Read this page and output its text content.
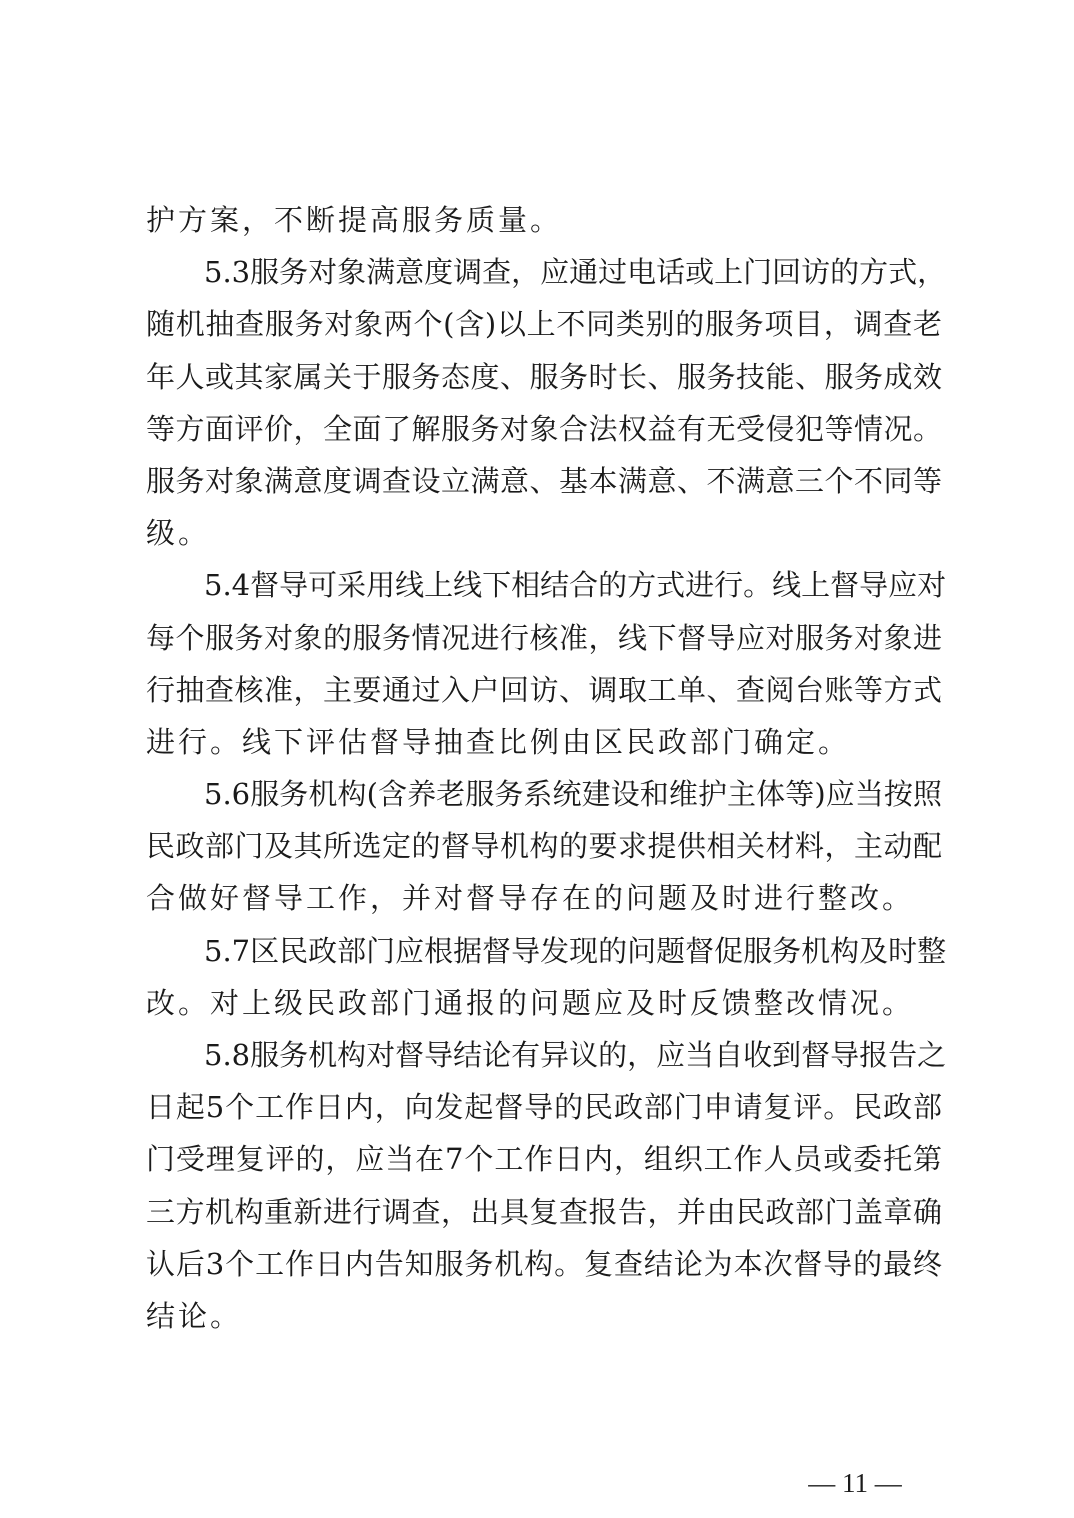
护方案，不断提高服务质量。
5.3服务对象满意度调查，应通过电话或上门回访的方式，
随机抽查服务对象两个(含)以上不同类别的服务项目，调查老
年人或其家属关于服务态度、服务时长、服务技能、服务成效
等方面评价，全面了解服务对象合法权益有无受侵犯等情况。
服务对象满意度调查设立满意、基本满意、不满意三个不同等
级。
5.4督导可采用线上线下相结合的方式进行。线上督导应对
每个服务对象的服务情况进行核准，线下督导应对服务对象进
行抽查核准，主要通过入户回访、调取工单、查阅台账等方式
进行。线下评估督导抽查比例由区民政部门确定。
5.6服务机构(含养老服务系统建设和维护主体等)应当按照
民政部门及其所选定的督导机构的要求提供相关材料，主动配
合做好督导工作，并对督导存在的问题及时进行整改。
5.7区民政部门应根据督导发现的问题督促服务机构及时整
改。对上级民政部门通报的问题应及时反馈整改情况。
5.8服务机构对督导结论有异议的，应当自收到督导报告之
日起5个工作日内，向发起督导的民政部门申请复评。民政部
门受理复评的，应当在7个工作日内，组织工作人员或委托第
三方机构重新进行调查，出具复查报告，并由民政部门盖章确
认后3个工作日内告知服务机构。复查结论为本次督导的最终
结论。
— 11 —
